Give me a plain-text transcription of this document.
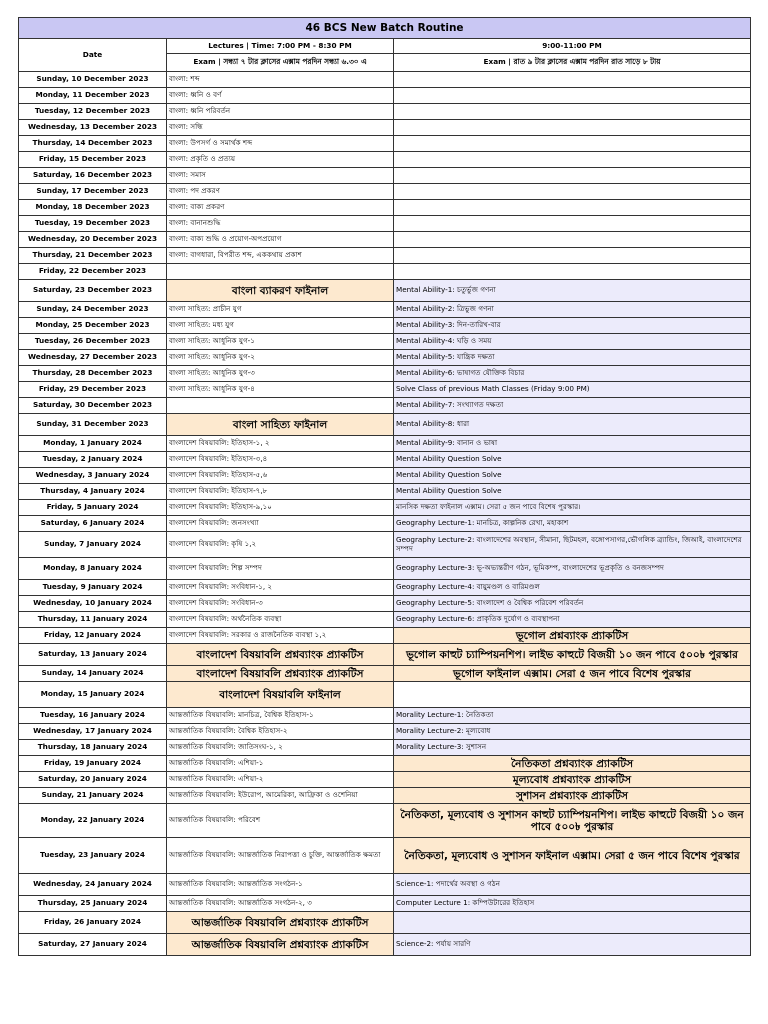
46 BCS New Batch Routine		
Date	Lectures | Time: 7:00 PM - 8:30 PM	9:00-11:00 PM
	Exam | সন্ধ্যা ৭ টার ক্লাসের এক্সাম পরদিন সন্ধ্যা ৬.৩০ এ	Exam | রাত ৯ টার ক্লাসের এক্সাম পরদিন রাত সাড়ে ৮ টায়
Sunday, 10 December 2023	বাংলা: শব্দ	
Monday, 11 December 2023	বাংলা: ধ্বনি ও বর্ণ	
Tuesday, 12 December 2023	বাংলা: ধ্বনি পরিবর্তন	
Wednesday, 13 December 2023	বাংলা: সন্ধি	
Thursday, 14 December 2023	বাংলা: উপসর্গ ও সমার্থক শব্দ	
Friday, 15 December 2023	বাংলা: প্রকৃতি ও প্রত্যয়	
Saturday, 16 December 2023	বাংলা: সমাস	
Sunday, 17 December 2023	বাংলা: পদ প্রকরণ	
Monday, 18 December 2023	বাংলা: বাক্য প্রকরণ	
Tuesday, 19 December 2023	বাংলা: বানানশুদ্ধি	
Wednesday, 20 December 2023	বাংলা: বাক্য শুদ্ধি ও প্রয়োগ-অপপ্রয়োগ	
Thursday, 21 December 2023	বাংলা: বাগধারা, বিপরীত শব্দ, এককথায় প্রকাশ	
Friday, 22 December 2023		
Saturday, 23 December 2023	বাংলা ব্যাকরণ ফাইনাল	Mental Ability-1: চতুর্ভুজ গণনা
Sunday, 24 December 2023	বাংলা সাহিত্য: প্রাচীন যুগ	Mental Ability-2: ত্রিভুজ গণনা
Monday, 25 December 2023	বাংলা সাহিত্য: মধ্য যুগ	Mental Ability-3: দিন-তারিখ-বার
Tuesday, 26 December 2023	বাংলা সাহিত্য: আধুনিক যুগ-১	Mental Ability-4: ঘড়ি ও সময়
Wednesday, 27 December 2023	বাংলা সাহিত্য: আধুনিক যুগ-২	Mental Ability-5: যান্ত্রিক দক্ষতা
Thursday, 28 December 2023	বাংলা সাহিত্য: আধুনিক যুগ-৩	Mental Ability-6: ভাষাগত যৌক্তিক বিচার
Friday, 29 December 2023	বাংলা সাহিত্য: আধুনিক যুগ-৪	Solve Class of previous Math Classes (Friday 9:00 PM)
Saturday, 30 December 2023		Mental Ability-7: সংখ্যাগত দক্ষতা
Sunday, 31 December 2023	বাংলা সাহিত্য ফাইনাল	Mental Ability-8: ধারা
Monday, 1 January 2024	বাংলাদেশ বিষয়াবলি: ইতিহাস-১, ২	Mental Ability-9: বানান ও ভাষা
Tuesday, 2 January 2024	বাংলাদেশ বিষয়াবলি: ইতিহাস-৩,৪	Mental Ability Question Solve
Wednesday, 3 January 2024	বাংলাদেশ বিষয়াবলি: ইতিহাস-৫,৬	Mental Ability Question Solve
Thursday, 4 January 2024	বাংলাদেশ বিষয়াবলি: ইতিহাস-৭,৮	Mental Ability Question Solve
Friday, 5 January 2024	বাংলাদেশ বিষয়াবলি: ইতিহাস-৯,১০	মানসিক দক্ষতা ফাইনাল এক্সাম। সেরা ৫ জন পাবে বিশেষ পুরস্কার।
Saturday, 6 January 2024	বাংলাদেশ বিষয়াবলি: জনসংখ্যা	Geography Lecture-1: মানচিত্র, কাল্পনিক রেখা, মহাকাশ
Sunday, 7 January 2024	বাংলাদেশ বিষয়াবলি: কৃষি ১,২	Geography Lecture-2: বাংলাদেশের অবস্থান, সীমানা, ছিটমহল, বঙ্গোপসাগর,ভৌগলিক ব্র্যান্ডিং, জিআই, বাংলাদেশের সম্পদ
Monday, 8 January 2024	বাংলাদেশ বিষয়াবলি: শিল্প সম্পদ	Geography Lecture-3: ভূ-অভ্যন্তরীণ গঠন, ভূমিকম্প, বাংলাদেশের ভূপ্রকৃতি ও বনজসম্পদ
Tuesday, 9 January 2024	বাংলাদেশ বিষয়াবলি: সংবিধান-১, ২	Geography Lecture-4: বায়ুমণ্ডল ও বারিমণ্ডল
Wednesday, 10 January 2024	বাংলাদেশ বিষয়াবলি: সংবিধান-৩	Geography Lecture-5: বাংলাদেশ ও বৈশ্বিক পরিবেশ পরিবর্তন
Thursday, 11 January 2024	বাংলাদেশ বিষয়াবলি: অর্থনৈতিক ব্যবস্থা	Geography Lecture-6: প্রাকৃতিক দুর্যোগ ও ব্যবস্থাপনা
Friday, 12 January 2024	বাংলাদেশ বিষয়াবলি: সরকার ও রাজনৈতিক ব্যবস্থা ১,২	ভূগোল প্রশ্নব্যাংক প্র্যাকটিস
Saturday, 13 January 2024	বাংলাদেশ বিষয়াবলি প্রশ্নব্যাংক প্র্যাকটিস	ভূগোল কাহুট চ্যাম্পিয়নশিপ। লাইভ কাহুটে বিজয়ী ১০ জন পাবে ৫০০৳ পুরস্কার
Sunday, 14 January 2024	বাংলাদেশ বিষয়াবলি প্রশ্নব্যাংক প্র্যাকটিস	ভূগোল ফাইনাল এক্সাম। সেরা ৫ জন পাবে বিশেষ পুরস্কার
Monday, 15 January 2024	বাংলাদেশ বিষয়াবলি ফাইনাল	
Tuesday, 16 January 2024	আন্তর্জাতিক বিষয়াবলি: মানচিত্র, বৈশ্বিক ইতিহাস-১	Morality Lecture-1: নৈতিকতা
Wednesday, 17 January 2024	আন্তর্জাতিক বিষয়াবলি: বৈশ্বিক ইতিহাস-২	Morality Lecture-2: মূল্যবোধ
Thursday, 18 January 2024	আন্তর্জাতিক বিষয়াবলি: জাতিসংঘ-১, ২	Morality Lecture-3: সুশাসন
Friday, 19 January 2024	আন্তর্জাতিক বিষয়াবলি: এশিয়া-১	নৈতিকতা প্রশ্নব্যাংক প্র্যাকটিস
Saturday, 20 January 2024	আন্তর্জাতিক বিষয়াবলি: এশিয়া-২	মূল্যবোধ প্রশ্নব্যাংক প্র্যাকটিস
Sunday, 21 January 2024	আন্তর্জাতিক বিষয়াবলি: ইউরোপ, আমেরিকা, আফ্রিকা ও ওশেনিয়া	সুশাসন প্রশ্নব্যাংক প্র্যাকটিস
Monday, 22 January 2024	আন্তর্জাতিক বিষয়াবলি: পরিবেশ	নৈতিকতা, মূল্যবোধ ও সুশাসন কাহুট চ্যাম্পিয়নশিপ। লাইভ কাহুটে বিজয়ী ১০ জন পাবে ৫০০৳ পুরস্কার
Tuesday, 23 January 2024	আন্তর্জাতিক বিষয়াবলি: আন্তর্জাতিক নিরাপত্তা ও চুক্তি, আন্তর্জাতিক ক্ষমতা	নৈতিকতা, মূল্যবোধ ও সুশাসন ফাইনাল এক্সাম। সেরা ৫ জন পাবে বিশেষ পুরস্কার
Wednesday, 24 January 2024	আন্তর্জাতিক বিষয়াবলি: আন্তর্জাতিক সংগঠন-১	Science-1: পদার্থের অবস্থা ও গঠন
Thursday, 25 January 2024	আন্তর্জাতিক বিষয়াবলি: আন্তর্জাতিক সংগঠন-২, ৩	Computer Lecture 1: কম্পিউটারের ইতিহাস
Friday, 26 January 2024	আন্তর্জাতিক বিষয়াবলি প্রশ্নব্যাংক প্র্যাকটিস	
Saturday, 27 January 2024	আন্তর্জাতিক বিষয়াবলি প্রশ্নব্যাংক প্র্যাকটিস	Science-2: পর্যায় সারণি
